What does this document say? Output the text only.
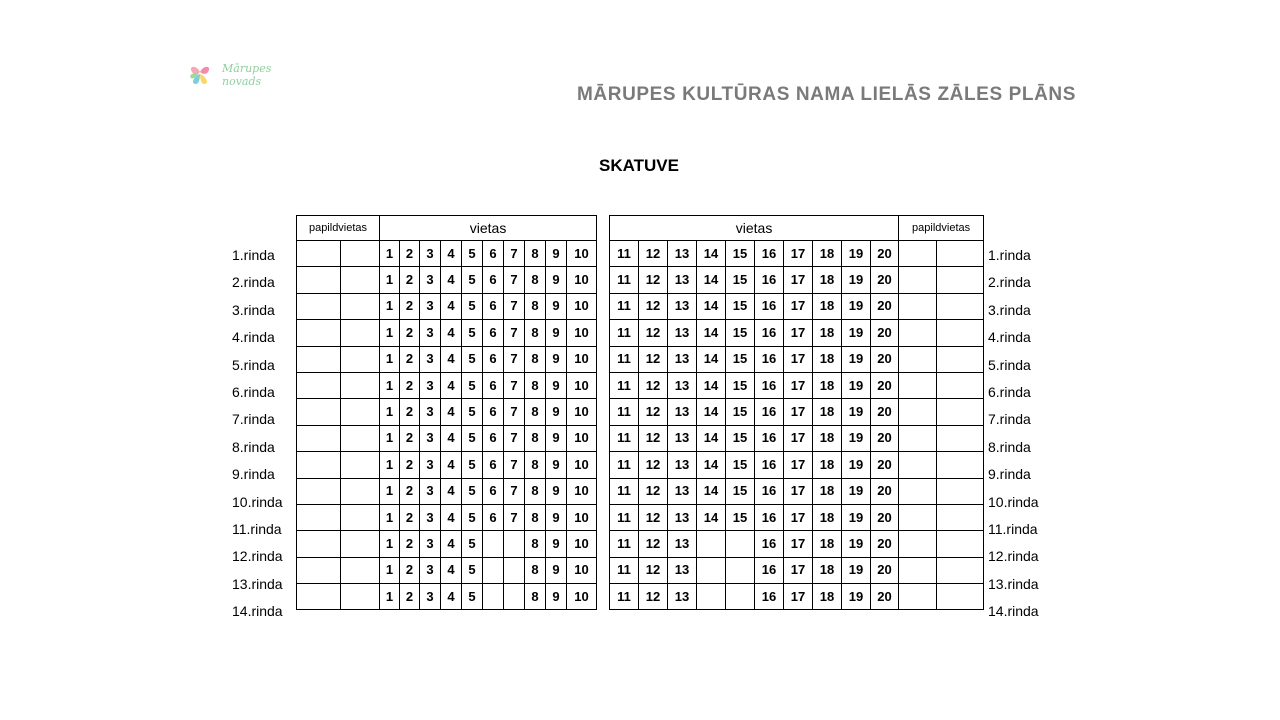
Mārupes
novads
MĀRUPES KULTŪRAS NAMA LIELĀS ZĀLES PLĀNS
SKATUVE
1.rinda
2.rinda
3.rinda
4.rinda
5.rinda
6.rinda
7.rinda
8.rinda
9.rinda
10.rinda
11.rinda
12.rinda
13.rinda
14.rinda
1.rinda
2.rinda
3.rinda
4.rinda
5.rinda
6.rinda
7.rinda
8.rinda
9.rinda
10.rinda
11.rinda
12.rinda
13.rinda
14.rinda
papildvietas		vietas									
		1	2	3	4	5	6	7	8	9	10
		1	2	3	4	5	6	7	8	9	10
		1	2	3	4	5	6	7	8	9	10
		1	2	3	4	5	6	7	8	9	10
		1	2	3	4	5	6	7	8	9	10
		1	2	3	4	5	6	7	8	9	10
		1	2	3	4	5	6	7	8	9	10
		1	2	3	4	5	6	7	8	9	10
		1	2	3	4	5	6	7	8	9	10
		1	2	3	4	5	6	7	8	9	10
		1	2	3	4	5	6	7	8	9	10
		1	2	3	4	5			8	9	10
		1	2	3	4	5			8	9	10
		1	2	3	4	5			8	9	10
vietas										papildvietas	
11	12	13	14	15	16	17	18	19	20		
11	12	13	14	15	16	17	18	19	20		
11	12	13	14	15	16	17	18	19	20		
11	12	13	14	15	16	17	18	19	20		
11	12	13	14	15	16	17	18	19	20		
11	12	13	14	15	16	17	18	19	20		
11	12	13	14	15	16	17	18	19	20		
11	12	13	14	15	16	17	18	19	20		
11	12	13	14	15	16	17	18	19	20		
11	12	13	14	15	16	17	18	19	20		
11	12	13	14	15	16	17	18	19	20		
11	12	13			16	17	18	19	20		
11	12	13			16	17	18	19	20		
11	12	13			16	17	18	19	20		
